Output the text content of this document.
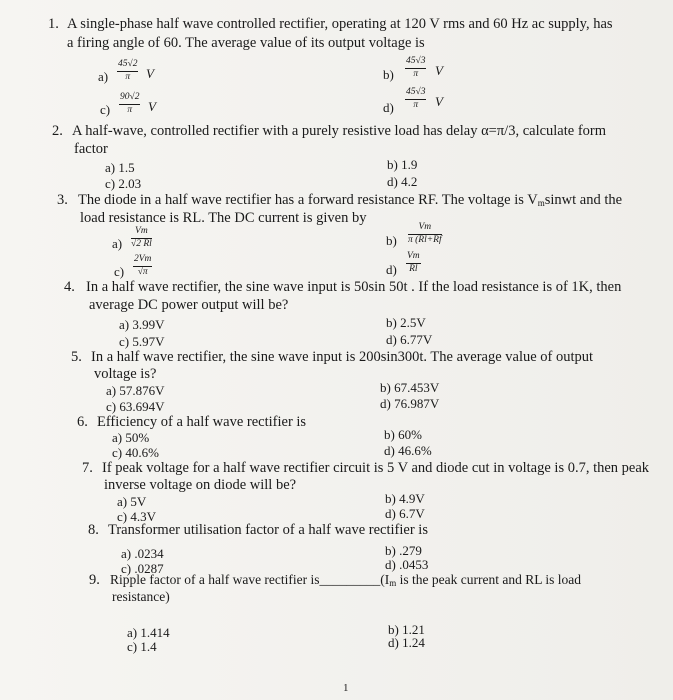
1. A single-phase half wave controlled rectifier, operating at 120 V rms and 60 Hz ac supply, has
a firing angle of 60. The average value of its output voltage is
$a) \frac{45√2}{\pi}$ V	$b) \frac{45√3}{\pi}$ V
$c) \frac{90√2}{\pi}$ V	$d) \frac{45√3}{\pi}$ V
2. A half-wave, controlled rectifier with a purely resistive load has delay α=π/3, calculate form
factor
a) 1.5	b) 1.9
c) 2.03	d) 4.2
3. The diode in a half wave rectifier has a forward resistance RF. The voltage is $V_msinwt$ and the
load resistance is RL. The DC current is given by
$a) \frac{Vm}{√2 Rl}$	$b) \frac{Vm}{\pi (Rl+Rf}$
$c) \frac{2Vm}{√\pi}$	$d) \frac{Vm}{Rl}$
4. In a half wave rectifier, the sine wave input is 50sin 50t . If the load resistance is of 1K, then
average DC power output will be?
a) 3.99V	b) 2.5V
c) 5.97V	d) 6.77V
5. In a half wave rectifier, the sine wave input is 200sin300t. The average value of output
voltage is?
a) 57.876V	b) 67.453V
c) 63.694V	d) 76.987V
6. Efficiency of a half wave rectifier is
a) 50%	b) 60%
c) 40.6%	d) 46.6%
7. If peak voltage for a half wave rectifier circuit is 5 V and diode cut in voltage is 0.7, then peak
inverse voltage on diode will be?
a) 5V	b) 4.9V
c) 4.3V	d) 6.7V
8. Transformer utilisation factor of a half wave rectifier is
a) .0234	b) .279
c) .0287	d) .0453
9. Ripple factor of a half wave rectifier $is\_\_\_\_\_\_\_\_\_(I_m$ is the peak current and RL is load
resistance)
a) 1.414	b) 1.21
c) 1.4	d) 1.24
1
